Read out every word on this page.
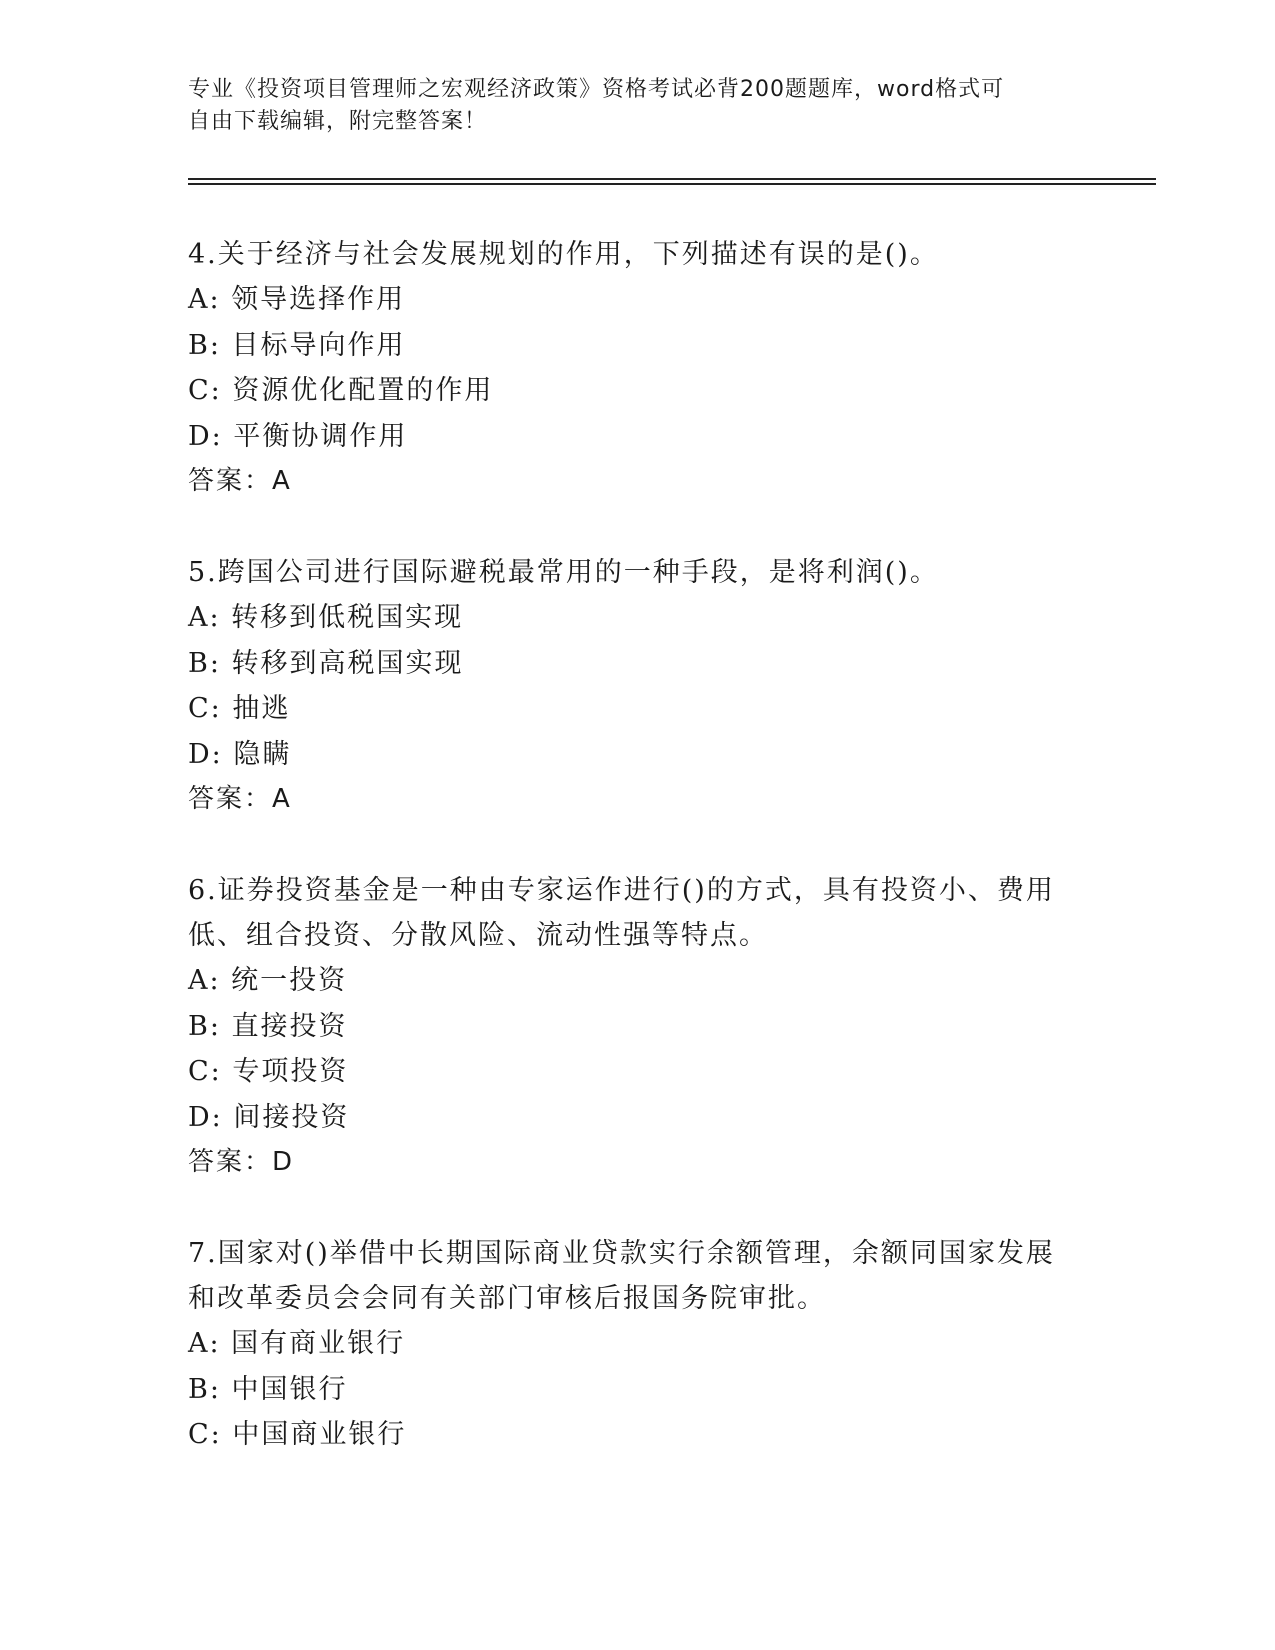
专业《投资项目管理师之宏观经济政策》资格考试必背200题题库，word格式可

自由下载编辑，附完整答案！

4.关于经济与社会发展规划的作用，下列描述有误的是()。

A: 领导选择作用

B: 目标导向作用

C: 资源优化配置的作用

D: 平衡协调作用

答案：A

5.跨国公司进行国际避税最常用的一种手段，是将利润()。

A: 转移到低税国实现

B: 转移到高税国实现

C: 抽逃

D: 隐瞒

答案：A

6.证券投资基金是一种由专家运作进行()的方式，具有投资小、费用

低、组合投资、分散风险、流动性强等特点。

A: 统一投资

B: 直接投资

C: 专项投资

D: 间接投资

答案：D

7.国家对()举借中长期国际商业贷款实行余额管理，余额同国家发展

和改革委员会会同有关部门审核后报国务院审批。

A: 国有商业银行

B: 中国银行

C: 中国商业银行
